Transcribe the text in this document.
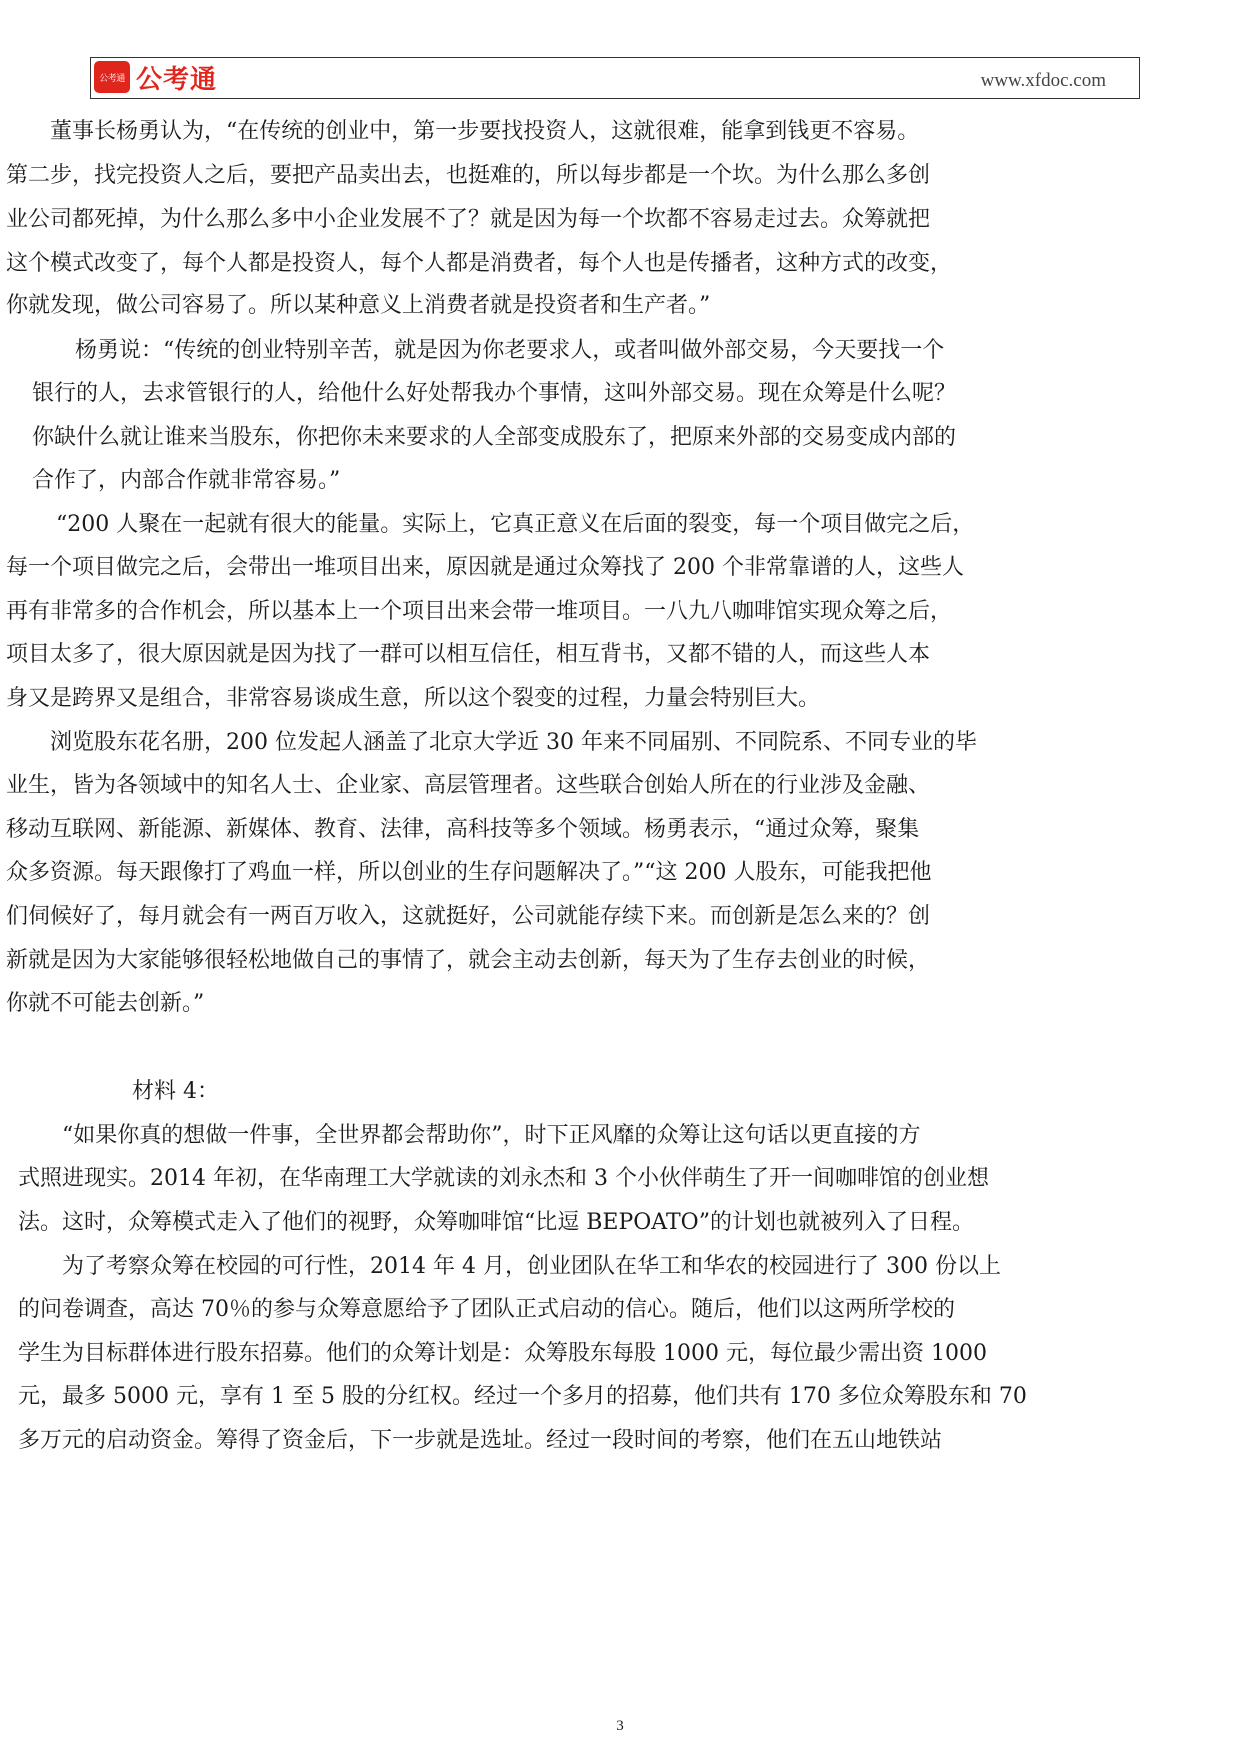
公考通 公考通	www.xfdoc.com
董事长杨勇认为，“在传统的创业中，第一步要找投资人，这就很难，能拿到钱更不容易。
第二步，找完投资人之后，要把产品卖出去，也挺难的，所以每步都是一个坎。为什么那么多创
业公司都死掉，为什么那么多中小企业发展不了？就是因为每一个坎都不容易走过去。众筹就把
这个模式改变了，每个人都是投资人，每个人都是消费者，每个人也是传播者，这种方式的改变，
你就发现，做公司容易了。所以某种意义上消费者就是投资者和生产者。”
杨勇说：“传统的创业特别辛苦，就是因为你老要求人，或者叫做外部交易，今天要找一个
银行的人，去求管银行的人，给他什么好处帮我办个事情，这叫外部交易。现在众筹是什么呢？
你缺什么就让谁来当股东，你把你未来要求的人全部变成股东了，把原来外部的交易变成内部的
合作了，内部合作就非常容易。”
“200 人聚在一起就有很大的能量。实际上，它真正意义在后面的裂变，每一个项目做完之后，
每一个项目做完之后，会带出一堆项目出来，原因就是通过众筹找了 200 个非常靠谱的人，这些人
再有非常多的合作机会，所以基本上一个项目出来会带一堆项目。一八九八咖啡馆实现众筹之后，
项目太多了，很大原因就是因为找了一群可以相互信任，相互背书，又都不错的人，而这些人本
身又是跨界又是组合，非常容易谈成生意，所以这个裂变的过程，力量会特别巨大。
浏览股东花名册，200 位发起人涵盖了北京大学近 30 年来不同届别、不同院系、不同专业的毕
业生，皆为各领域中的知名人士、企业家、高层管理者。这些联合创始人所在的行业涉及金融、
移动互联网、新能源、新媒体、教育、法律，高科技等多个领域。杨勇表示，“通过众筹，聚集
众多资源。每天跟像打了鸡血一样，所以创业的生存问题解决了。”“这 200 人股东，可能我把他
们伺候好了，每月就会有一两百万收入，这就挺好，公司就能存续下来。而创新是怎么来的？创
新就是因为大家能够很轻松地做自己的事情了，就会主动去创新，每天为了生存去创业的时候，
你就不可能去创新。”
材料 4：
“如果你真的想做一件事，全世界都会帮助你”，时下正风靡的众筹让这句话以更直接的方
式照进现实。2014 年初，在华南理工大学就读的刘永杰和 3 个小伙伴萌生了开一间咖啡馆的创业想
法。这时，众筹模式走入了他们的视野，众筹咖啡馆“比逗 BEPOATO”的计划也就被列入了日程。
为了考察众筹在校园的可行性，2014 年 4 月，创业团队在华工和华农的校园进行了 300 份以上
的问卷调查，高达 70％的参与众筹意愿给予了团队正式启动的信心。随后，他们以这两所学校的
学生为目标群体进行股东招募。他们的众筹计划是：众筹股东每股 1000 元，每位最少需出资 1000
元，最多 5000 元，享有 1 至 5 股的分红权。经过一个多月的招募，他们共有 170 多位众筹股东和 70
多万元的启动资金。筹得了资金后，下一步就是选址。经过一段时间的考察，他们在五山地铁站
3
